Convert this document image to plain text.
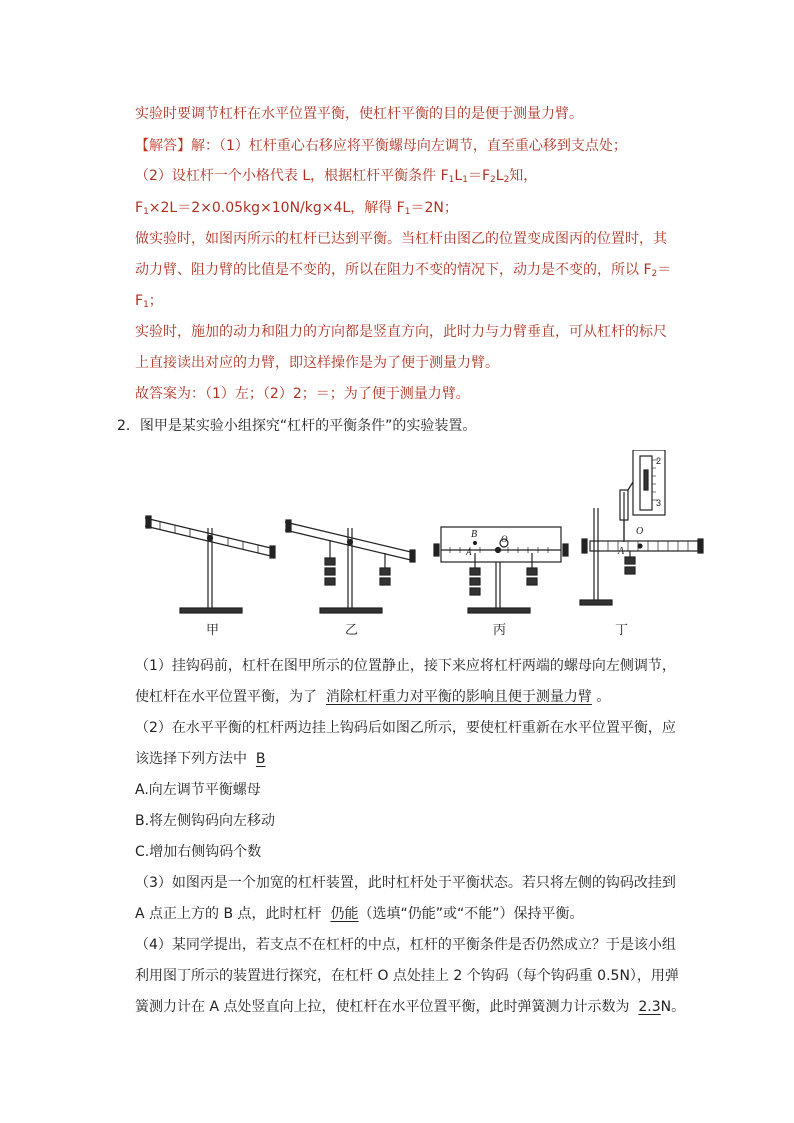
实验时要调节杠杆在水平位置平衡，使杠杆平衡的目的是便于测量力臂。
【解答】解：（1）杠杆重心右移应将平衡螺母向左调节，直至重心移到支点处；
（2）设杠杆一个小格代表 L，根据杠杆平衡条件 $F_1L_1=F_2L_2$知，
$F_1\times 2L=2\times 0.05kg\times 10N/kg\times 4L$，解得 $F_1=2N$；
做实验时，如图丙所示的杠杆已达到平衡。当杠杆由图乙的位置变成图丙的位置时，其
动力臂、阻力臂的比值是不变的，所以在阻力不变的情况下，动力是不变的，所以 $F_2=$
$F_1$；
实验时，施加的动力和阻力的方向都是竖直方向，此时力与力臂垂直，可从杠杆的标尺
上直接读出对应的力臂，即这样操作是为了便于测量力臂。
故答案为：（1）左；（2）2；＝；为了便于测量力臂。
2．图甲是某实验小组探究“杠杆的平衡条件”的实验装置。
A
O
2
3
B
A
O
甲	乙	丙	丁
（1）挂钩码前，杠杆在图甲所示的位置静止，接下来应将杠杆两端的螺母向左侧调节，
使杠杆在水平位置平衡，为了 消除杠杆重力对平衡的影响且便于测量力臂 。
（2）在水平平衡的杠杆两边挂上钩码后如图乙所示，要使杠杆重新在水平位置平衡，应
该选择下列方法中 B
A.向左调节平衡螺母
B.将左侧钩码向左移动
C.增加右侧钩码个数
（3）如图丙是一个加宽的杠杆装置，此时杠杆处于平衡状态。若只将左侧的钩码改挂到
A 点正上方的 B 点，此时杠杆 仍能（选填“仍能”或“不能”）保持平衡。
（4）某同学提出，若支点不在杠杆的中点，杠杆的平衡条件是否仍然成立？于是该小组
利用图丁所示的装置进行探究，在杠杆 O 点处挂上 2 个钩码（每个钩码重 0.5N），用弹
簧测力计在 A 点处竖直向上拉，使杠杆在水平位置平衡，此时弹簧测力计示数为 2.3N。
